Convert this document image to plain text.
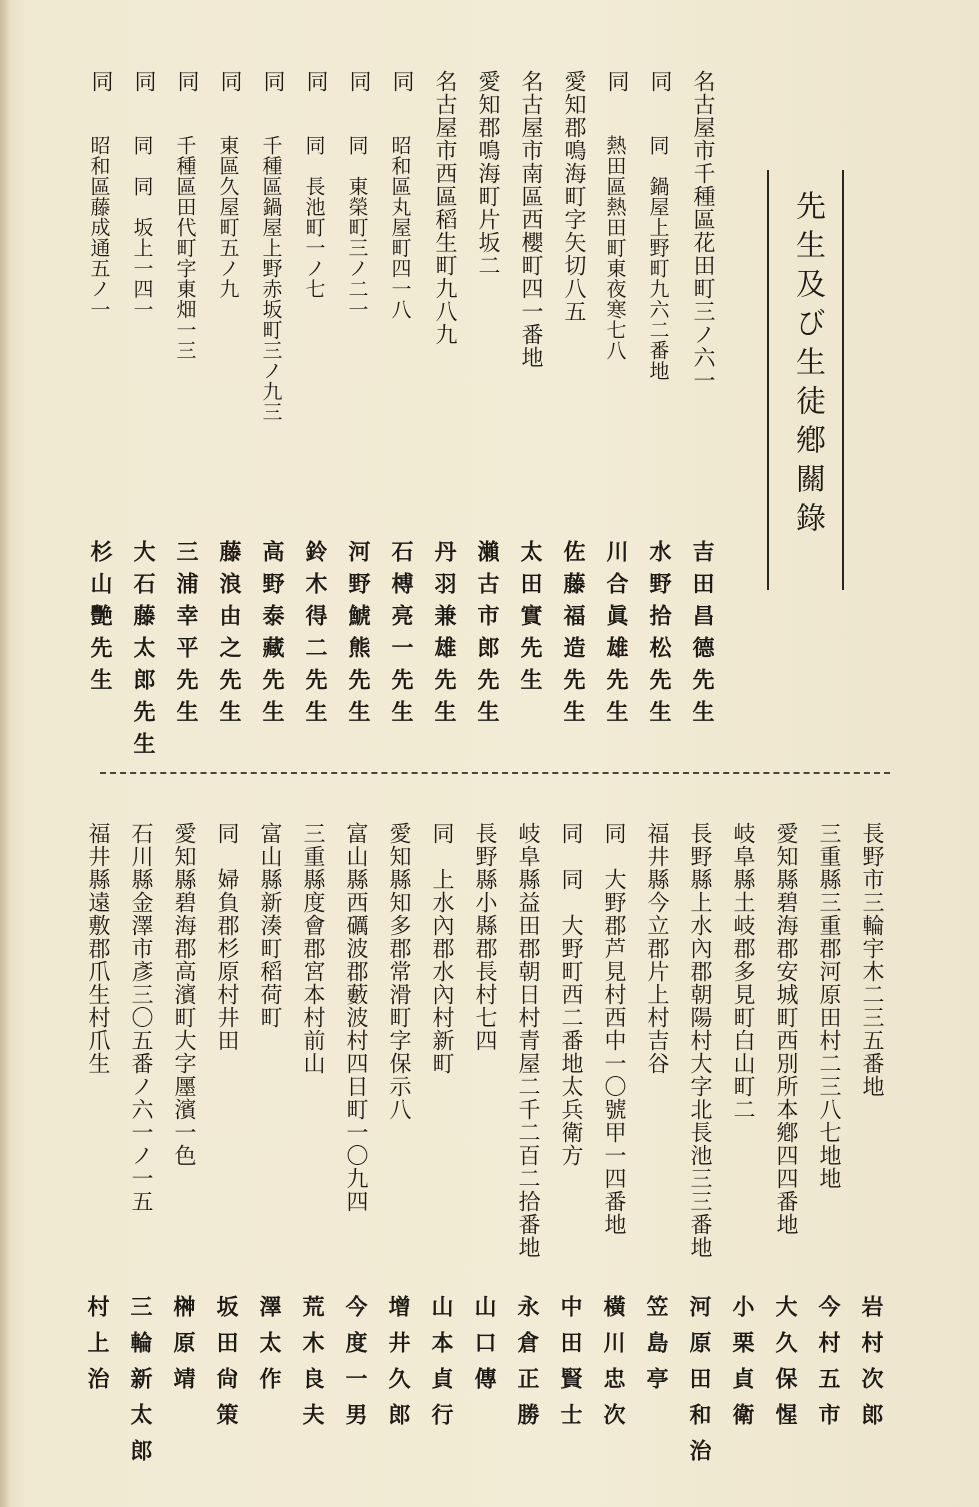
先生及び生徒鄕關錄
名古屋市千種區花田町三ノ六一
吉田昌德先生
同
同　鍋屋上野町九六二番地
水野拾松先生
同
熱田區熱田町東夜寒七八
川合眞雄先生
愛知郡鳴海町字矢切八五
佐藤福造先生
名古屋市南區西櫻町四一番地
太田實先生
愛知郡鳴海町片坂二
瀨古市郎先生
名古屋市西區稻生町九八九
丹羽兼雄先生
同
昭和區丸屋町四一八
石榑亮一先生
同
同　東榮町三ノ二一
河野鯱熊先生
同
同　長池町一ノ七
鈴木得二先生
同
千種區鍋屋上野赤坂町三ノ九三
高野泰藏先生
同
東區久屋町五ノ九
藤浪由之先生
同
千種區田代町字東畑一三
三浦幸平先生
同
同　同　坂上一四一
大石藤太郎先生
同
昭和區藤成通五ノ一
杉山艷先生
長野市三輪宇木二三五番地
岩村次郎
三重縣三重郡河原田村二三八七地地
今村五市
愛知縣碧海郡安城町西別所本鄕四四番地
大久保惺
岐阜縣土岐郡多見町白山町二
小栗貞衛
長野縣上水內郡朝陽村大字北長池三三番地
河原田和治
福井縣今立郡片上村吉谷
笠島亭
同　大野郡芦見村西中一〇號甲一四番地
橫川忠次
同　同　大野町西二番地太兵衛方
中田賢士
岐阜縣益田郡朝日村青屋二千二百二拾番地
永倉正勝
長野縣小縣郡長村七四
山口傳
同　上水內郡水內村新町
山本貞行
愛知縣知多郡常滑町字保示八
增井久郎
富山縣西礪波郡藪波村四日町一〇九四
今度一男
三重縣度會郡宮本村前山
荒木良夫
富山縣新湊町稻荷町
澤太作
同　婦負郡杉原村井田
坂田尙策
愛知縣碧海郡高濱町大字㕓濱一色
榊原靖
石川縣金澤市彥三〇五番ノ六一ノ一五
三輪新太郎
福井縣遠敷郡爪生村爪生
村上治
